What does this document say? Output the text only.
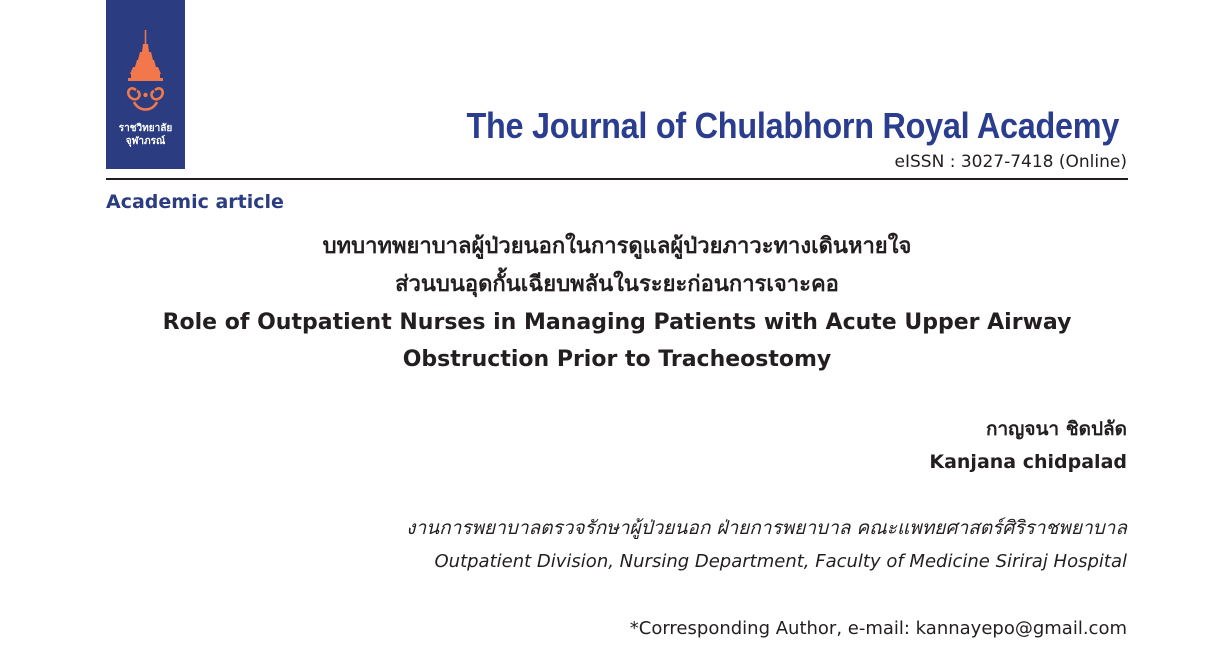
ราชวิทยาลัย
จุฬาภรณ์	The Journal of Chulabhorn Royal Academy
eISSN : 3027-7418 (Online)
Academic article
บทบาทพยาบาลผู้ป่วยนอกในการดูแลผู้ป่วยภาวะทางเดินหายใจ
ส่วนบนอุดกั้นเฉียบพลันในระยะก่อนการเจาะคอ
Role of Outpatient Nurses in Managing Patients with Acute Upper Airway
Obstruction Prior to Tracheostomy
กาญจนา ชิดปลัด
Kanjana chidpalad
งานการพยาบาลตรวจรักษาผู้ป่วยนอก ฝ่ายการพยาบาล คณะแพทยศาสตร์ศิริราชพยาบาล
Outpatient Division, Nursing Department, Faculty of Medicine Siriraj Hospital
*Corresponding Author, e-mail: kannayepo@gmail.com
